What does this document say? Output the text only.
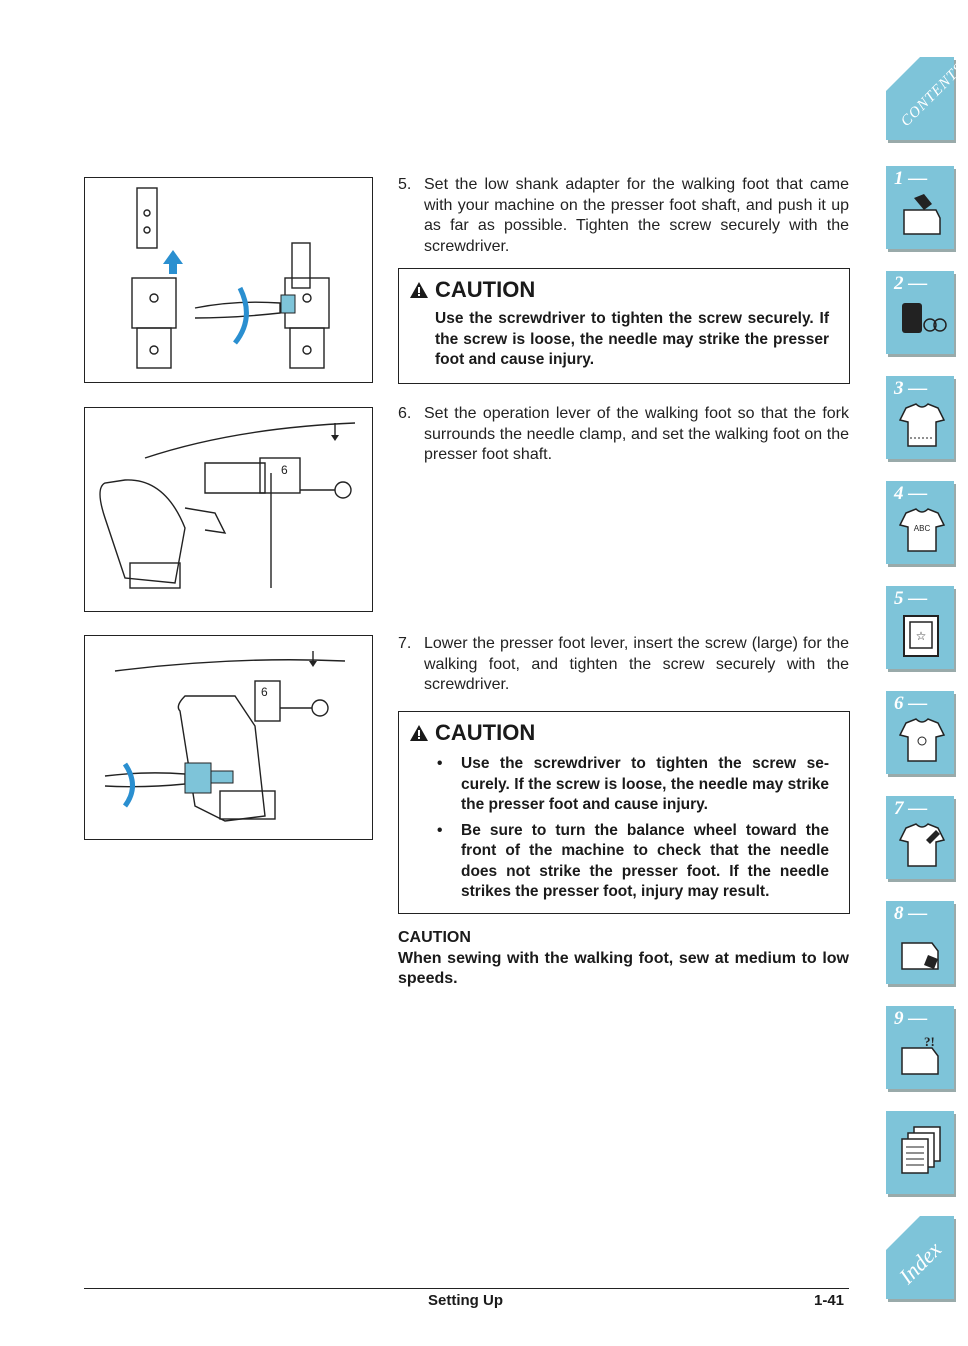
5. Set the low shank adapter for the walking foot that came with your machine on the presser foot shaft, and push it up as far as possible. Tighten the screw securely with the screwdriver.
CAUTION
Use the screwdriver to tighten the screw securely. If the screw is loose, the needle may strike the presser foot and cause injury.
6
6. Set the operation lever of the walking foot so that the fork surrounds the needle clamp, and set the walking foot on the presser foot shaft.
6
7. Lower the presser foot lever, insert the screw (large) for the walking foot, and tighten the screw securely with the screwdriver.
CAUTION
• Use the screwdriver to tighten the screw se-curely. If the screw is loose, the needle may strike the presser foot and cause injury.
• Be sure to turn the balance wheel toward the front of the machine to check that the needle does not strike the presser foot. If the needle strikes the presser foot, injury may result.
CAUTION
When sewing with the walking foot, sew at medium to low speeds.
Setting Up	1-41
CONTENTS
1 —
2 —
3 —
4 —
ABC
5 —
☆
6 —
7 —
8 —
9 —
?!
Index
